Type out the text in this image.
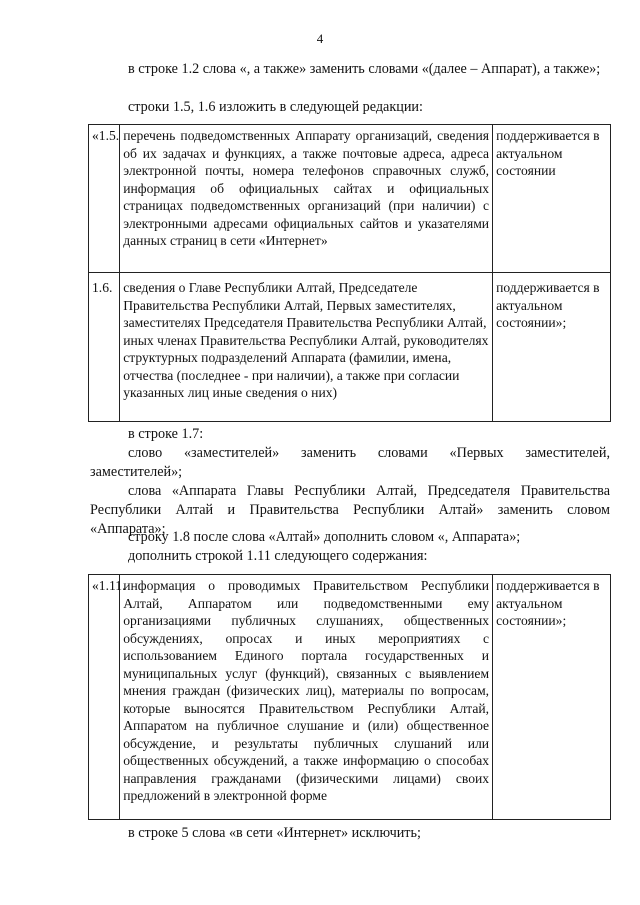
4

в строке 1.2 слова «, а также» заменить словами «(далее – Аппарат), а также»;

строки 1.5, 1.6 изложить в следующей редакции:

«1.5.	перечень подведомственных Аппарату организаций, сведения об их задачах и функциях, а также почтовые адреса, адреса электронной почты, номера телефонов справочных служб, информация об официальных сайтах и официальных страницах подведомственных организаций (при наличии) с электронными адресами официальных сайтов и указателями данных страниц в сети «Интернет»	поддерживается в актуальном состоянии
1.6.	сведения о Главе Республики Алтай, Председателе Правительства Республики Алтай, Первых заместителях, заместителях Председателя Правительства Республики Алтай, иных членах Правительства Республики Алтай, руководителях структурных подразделений Аппарата (фамилии, имена, отчества (последнее - при наличии), а также при согласии указанных лиц иные сведения о них)	поддерживается в актуальном состоянии»;

в строке 1.7:

слово «заместителей» заменить словами «Первых заместителей, заместителей»;

слова «Аппарата Главы Республики Алтай, Председателя Правительства Республики Алтай и Правительства Республики Алтай» заменить словом «Аппарата»;

строку 1.8 после слова «Алтай» дополнить словом «, Аппарата»;

дополнить строкой 1.11 следующего содержания:

«1.11.	информация о проводимых Правительством Республики Алтай, Аппаратом или подведомственными ему организациями публичных слушаниях, общественных обсуждениях, опросах и иных мероприятиях с использованием Единого портала государственных и муниципальных услуг (функций), связанных с выявлением мнения граждан (физических лиц), материалы по вопросам, которые выносятся Правительством Республики Алтай, Аппаратом на публичное слушание и (или) общественное обсуждение, и результаты публичных слушаний или общественных обсуждений, а также информацию о способах направления гражданами (физическими лицами) своих предложений в электронной форме	поддерживается в актуальном состоянии»;

в строке 5 слова «в сети «Интернет» исключить;
